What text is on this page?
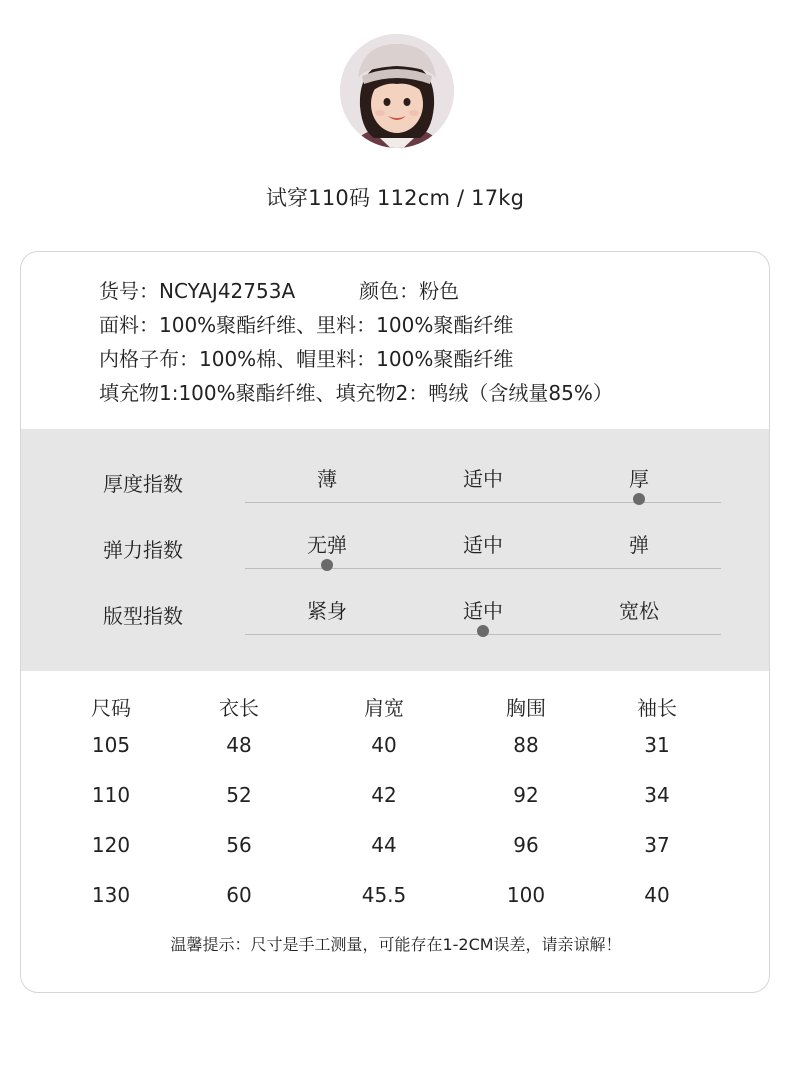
试穿110码 112cm / 17kg
货号：NCYAJ42753A	颜色：粉色
面料：100%聚酯纤维、里料：100%聚酯纤维
内格子布：100%棉、帽里料：100%聚酯纤维
填充物1:100%聚酯纤维、填充物2：鸭绒（含绒量85%）
厚度指数	薄	适中	厚
弹力指数	无弹	适中	弹
版型指数	紧身	适中	宽松
尺码	衣长	肩宽	胸围	袖长
105	48	40	88	31
110	52	42	92	34
120	56	44	96	37
130	60	45.5	100	40
温馨提示：尺寸是手工测量，可能存在1-2CM误差，请亲谅解！
